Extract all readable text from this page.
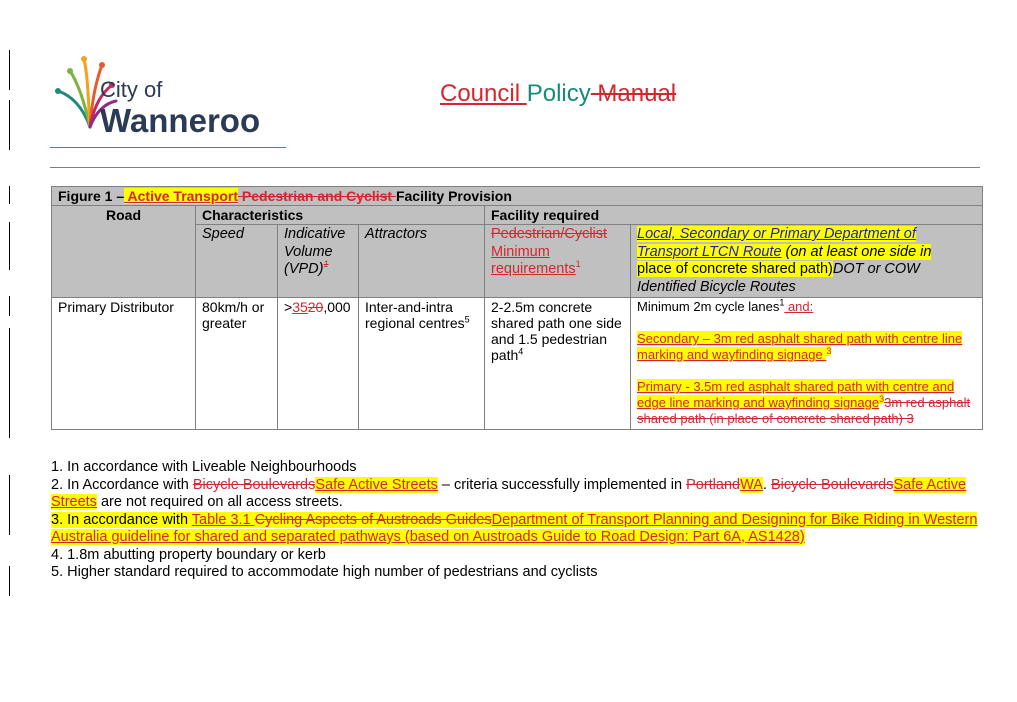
City of
Wanneroo
Council Policy Manual
Figure 1 – Active Transport Pedestrian and Cyclist Facility Provision					
Road	Characteristics			Facility required	
	Speed	Indicative Volume (VPD)$^1$	Attractors	Pedestrian/Cyclist
Minimum requirements$^1$	Local, Secondary or Primary Department of Transport LTCN Route (on at least one side in
place of concrete shared path)DOT or COW Identified Bicycle Routes
Primary Distributor	80km/h or greater	>3520,000	Inter-and-intra regional centres$^5$	2-2.5m concrete shared path one side and 1.5 pedestrian path$^4$	Minimum 2m cycle lanes$^1$ and:
Secondary – 3m red asphalt shared path with centre line marking and wayfinding signage $^3$
Primary - 3.5m red asphalt shared path with centre and edge line marking and wayfinding signage$^3$3m red asphalt shared path (in place of concrete shared path) 3
1. In accordance with Liveable Neighbourhoods
2. In Accordance with Bicycle BoulevardsSafe Active Streets – criteria successfully implemented in PortlandWA. Bicycle BoulevardsSafe Active Streets are not required on all access streets.
3. In accordance with Table 3.1 Cycling Aspects of Austroads GuidesDepartment of Transport Planning and Designing for Bike Riding in Western Australia guideline for shared and separated pathways (based on Austroads Guide to Road Design: Part 6A, AS1428)
4. 1.8m abutting property boundary or kerb
5. Higher standard required to accommodate high number of pedestrians and cyclists
